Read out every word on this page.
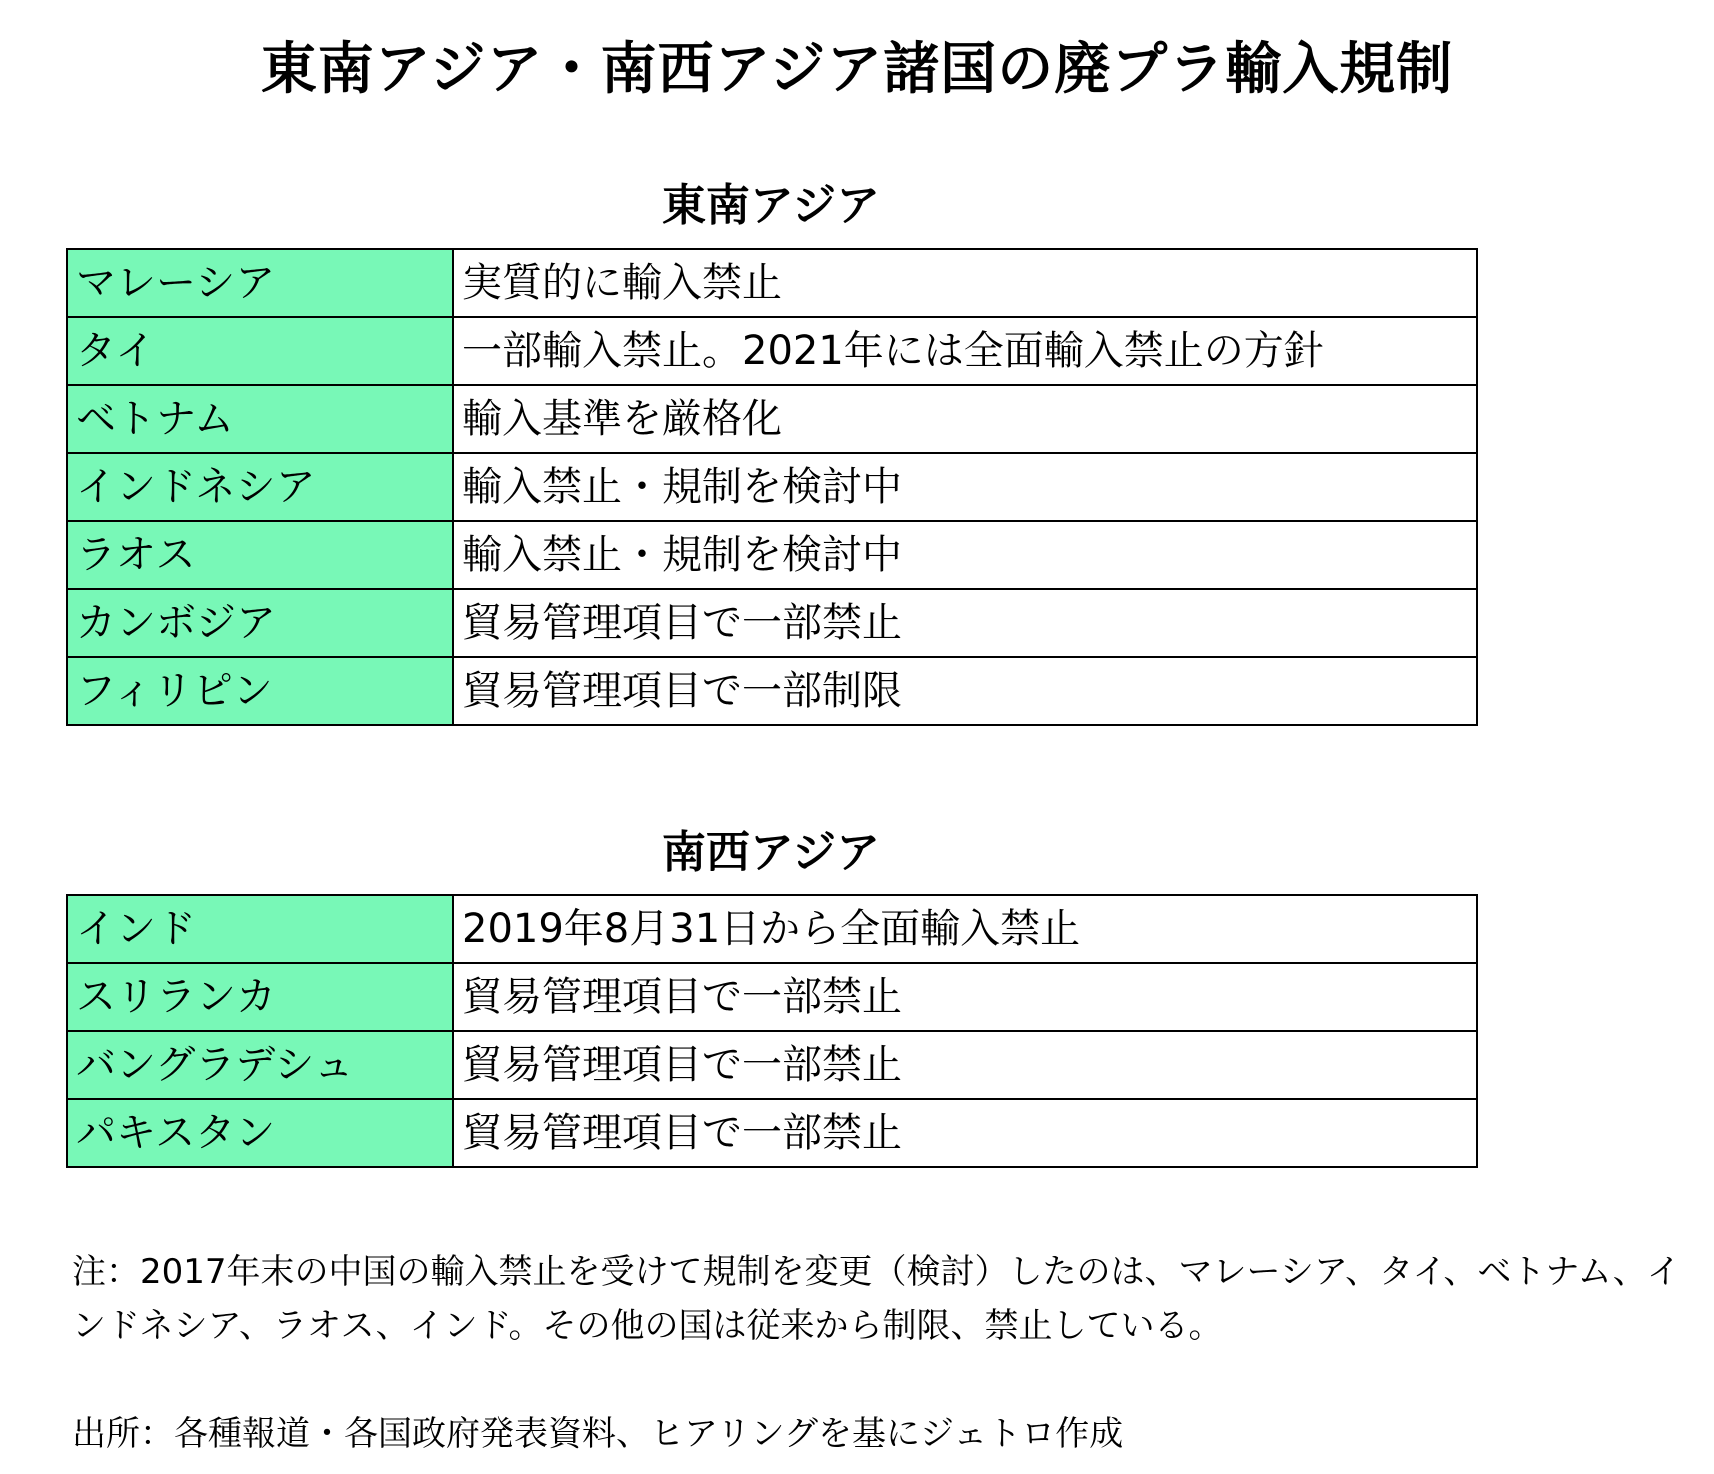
東南アジア・南西アジア諸国の廃プラ輸入規制
東南アジア
マレーシア	実質的に輸入禁止
タイ	一部輸入禁止。2021年には全面輸入禁止の方針
ベトナム	輸入基準を厳格化
インドネシア	輸入禁止・規制を検討中
ラオス	輸入禁止・規制を検討中
カンボジア	貿易管理項目で一部禁止
フィリピン	貿易管理項目で一部制限
南西アジア
インド	2019年8月31日から全面輸入禁止
スリランカ	貿易管理項目で一部禁止
バングラデシュ	貿易管理項目で一部禁止
パキスタン	貿易管理項目で一部禁止
注：2017年末の中国の輸入禁止を受けて規制を変更（検討）したのは、マレーシア、タイ、ベトナム、インドネシア、ラオス、インド。その他の国は従来から制限、禁止している。
出所：各種報道・各国政府発表資料、ヒアリングを基にジェトロ作成
